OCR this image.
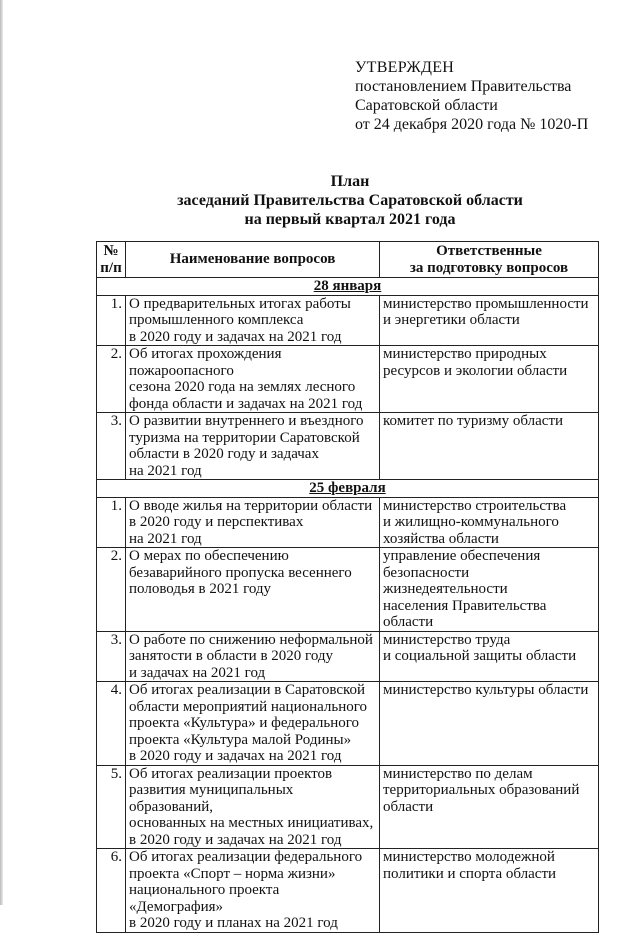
УТВЕРЖДЕН
постановлением Правительства
Саратовской области
от 24 декабря 2020 года № 1020-П
План
заседаний Правительства Саратовской области
на первый квартал 2021 года
№
п/п	Наименование вопросов	Ответственные
за подготовку вопросов

28 января		
1.	О предварительных итогах работы
промышленного комплекса
в 2020 году и задачах на 2021 год	министерство промышленности
и энергетики области
2.	Об итогах прохождения пожароопасного
сезона 2020 года на землях лесного
фонда области и задачах на 2021 год	министерство природных
ресурсов и экологии области
3.	О развитии внутреннего и въездного
туризма на территории Саратовской
области в 2020 году и задачах
на 2021 год	комитет по туризму области
25 февраля		
1.	О вводе жилья на территории области
в 2020 году и перспективах
на 2021 год	министерство строительства
и жилищно-коммунального
хозяйства области
2.	О мерах по обеспечению
безаварийного пропуска весеннего
половодья в 2021 году	управление обеспечения
безопасности жизнедеятельности
населения Правительства области
3.	О работе по снижению неформальной
занятости в области в 2020 году
и задачах на 2021 год	министерство труда
и социальной защиты области
4.	Об итогах реализации в Саратовской
области мероприятий национального
проекта «Культура» и федерального
проекта «Культура малой Родины»
в 2020 году и задачах на 2021 год	министерство культуры области
5.	Об итогах реализации проектов
развития муниципальных образований,
основанных на местных инициативах,
в 2020 году и задачах на 2021 год	министерство по делам
территориальных образований
области
6.	Об итогах реализации федерального
проекта «Спорт – норма жизни»
национального проекта «Демография»
в 2020 году и планах на 2021 год	министерство молодежной
политики и спорта области
